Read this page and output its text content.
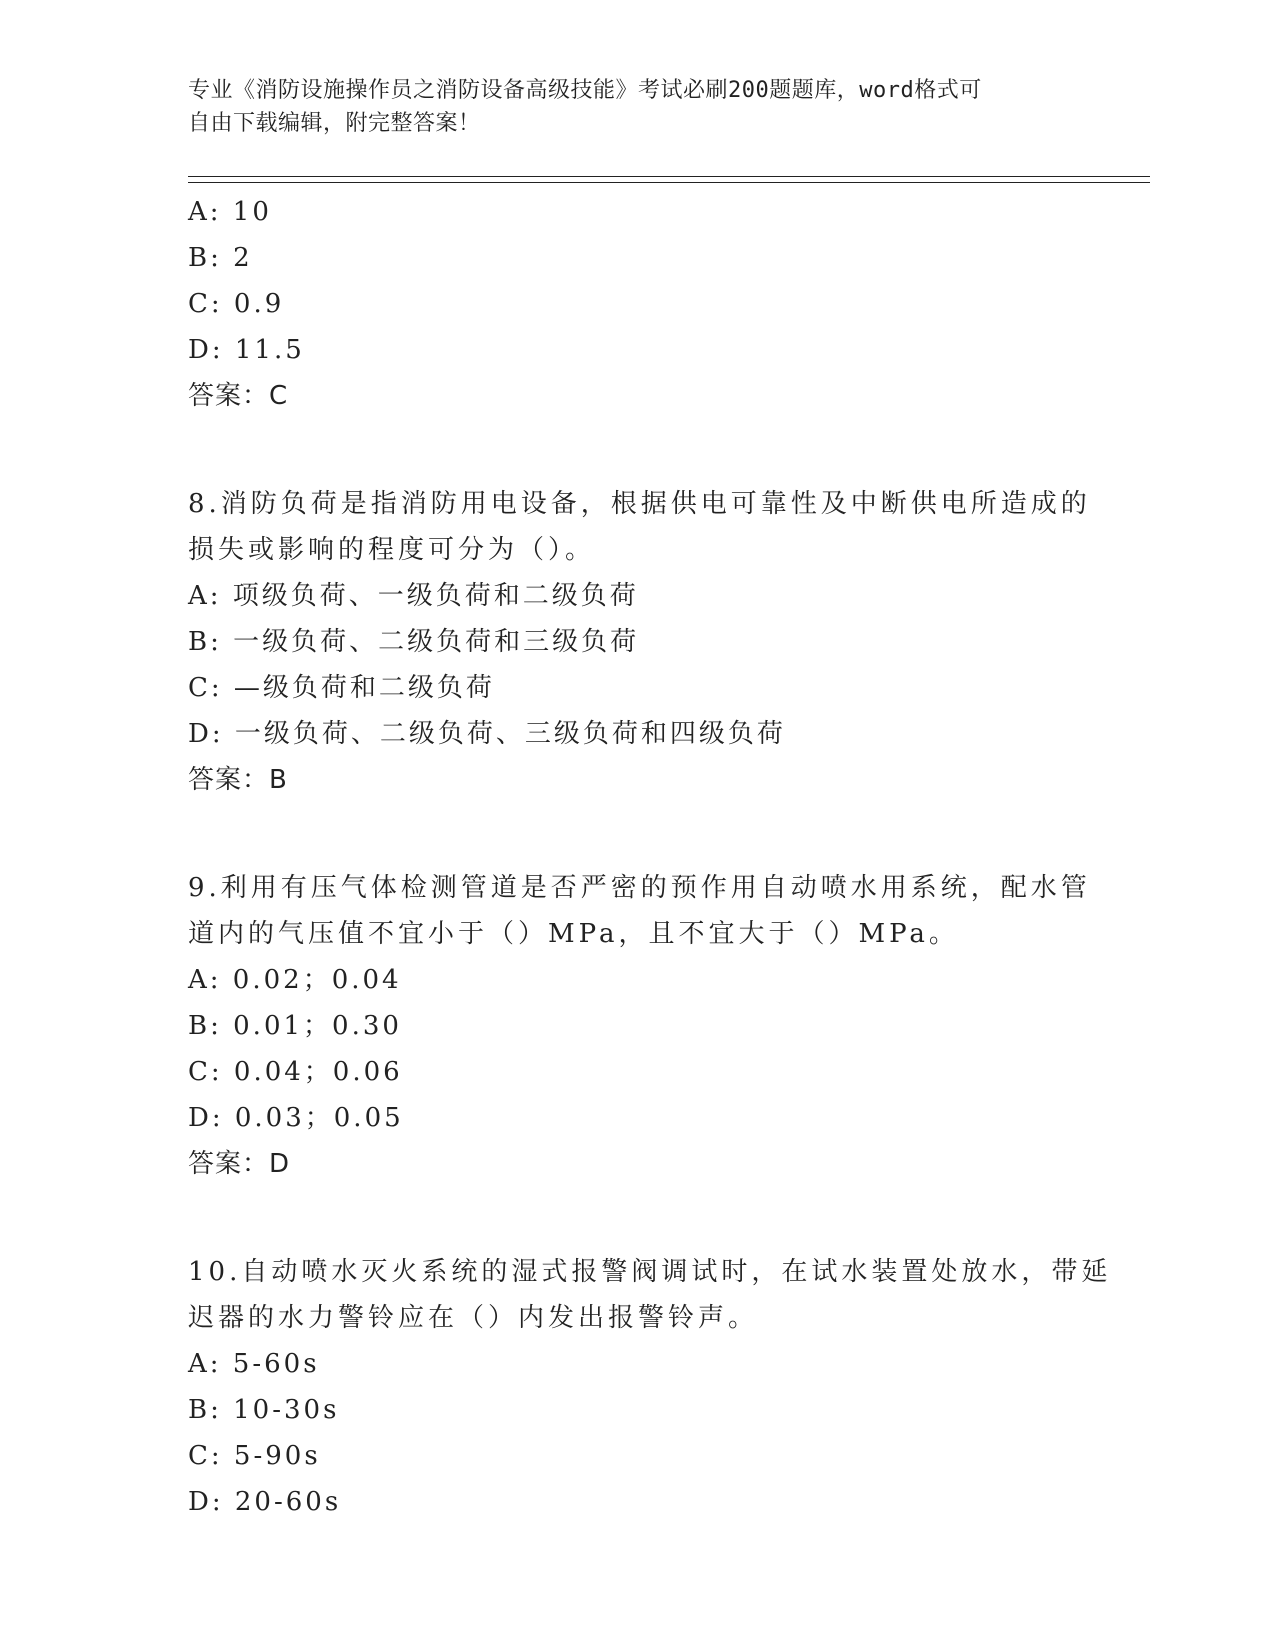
专业《消防设施操作员之消防设备高级技能》考试必刷200题题库，word格式可
自由下载编辑，附完整答案！
A: 10
B: 2
C: 0.9
D: 11.5
答案：C
8.消防负荷是指消防用电设备，根据供电可靠性及中断供电所造成的
损失或影响的程度可分为（）。
A: 项级负荷、一级负荷和二级负荷
B: 一级负荷、二级负荷和三级负荷
C: —级负荷和二级负荷
D: 一级负荷、二级负荷、三级负荷和四级负荷
答案：B
9.利用有压气体检测管道是否严密的预作用自动喷水用系统，配水管
道内的气压值不宜小于（）MPa，且不宜大于（）MPa。
A: 0.02；0.04
B: 0.01；0.30
C: 0.04；0.06
D: 0.03；0.05
答案：D
10.自动喷水灭火系统的湿式报警阀调试时，在试水装置处放水，带延
迟器的水力警铃应在（）内发出报警铃声。
A: 5-60s
B: 10-30s
C: 5-90s
D: 20-60s
